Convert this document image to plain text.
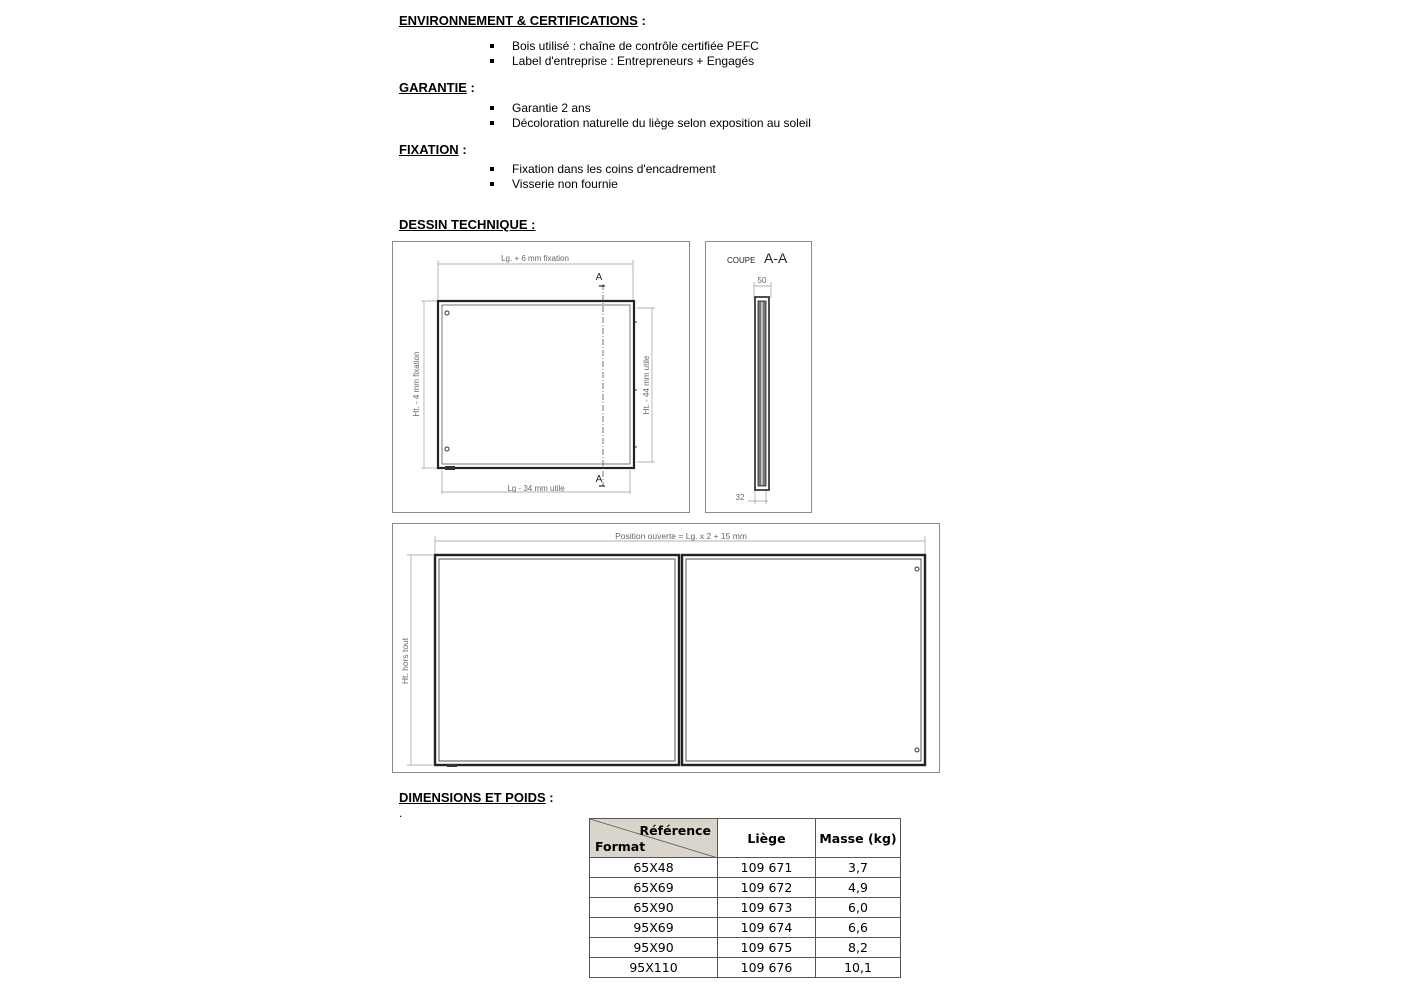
ENVIRONNEMENT & CERTIFICATIONS :
Bois utilisé : chaîne de contrôle certifiée PEFC
Label d'entreprise : Entrepreneurs + Engagés
GARANTIE :
Garantie 2 ans
Décoloration naturelle du liège selon exposition au soleil
FIXATION :
Fixation dans les coins d'encadrement
Visserie non fournie
DESSIN TECHNIQUE :
Lg. + 6 mm fixation
A
A
Ht. - 4 mm fixation	Ht. - 44 mm utile
Lg - 34 mm utile
COUPE A-A
50
32
Position ouverte = Lg. x 2 + 15 mm
Ht. hors tout
DIMENSIONS ET POIDS :
.
Référence
Format	Liège	Masse (kg)
65X48	109 671	3,7
65X69	109 672	4,9
65X90	109 673	6,0
95X69	109 674	6,6
95X90	109 675	8,2
95X110	109 676	10,1
